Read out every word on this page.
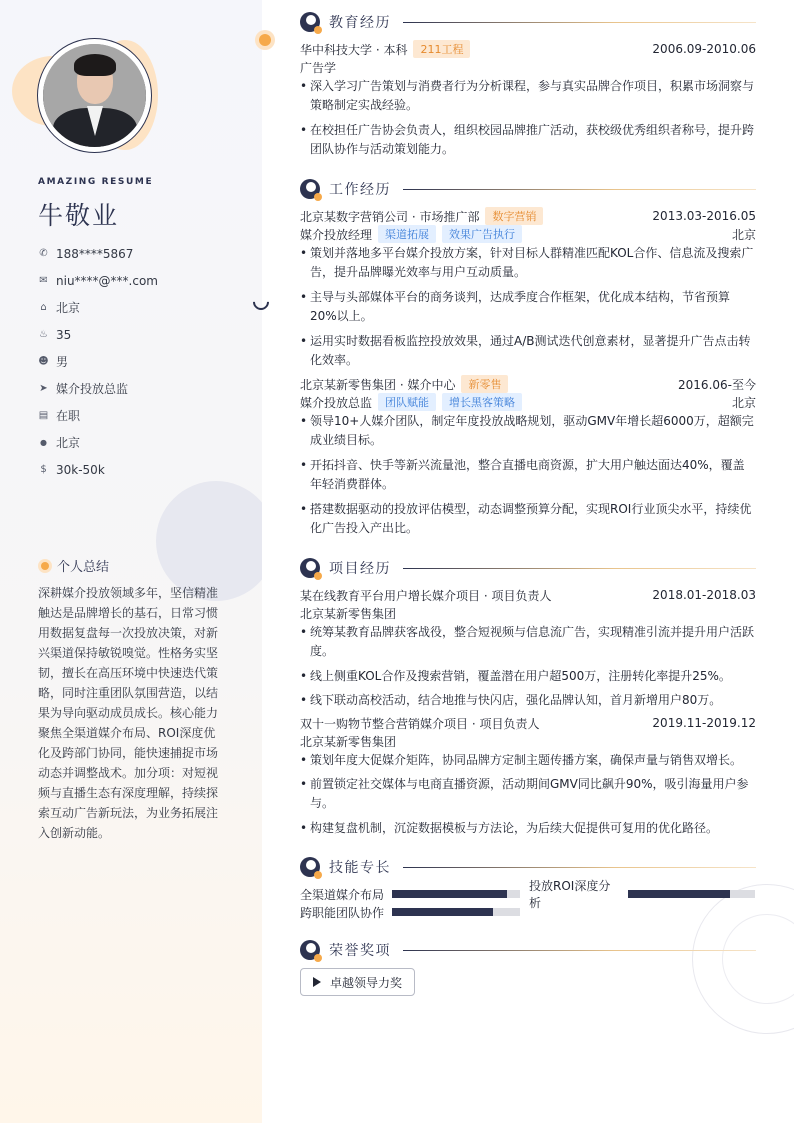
AMAZING RESUME
牛敬业
✆ 188****5867
✉ niu****@***.com
⌂ 北京
♨ 35
☻ 男
➤ 媒介投放总监
▤ 在职
● 北京
$ 30k-50k
个人总结
深耕媒介投放领域多年，坚信精准触达是品牌增长的基石，日常习惯用数据复盘每一次投放决策，对新兴渠道保持敏锐嗅觉。性格务实坚韧，擅长在高压环境中快速迭代策略，同时注重团队氛围营造，以结果为导向驱动成员成长。核心能力聚焦全渠道媒介布局、ROI深度优化及跨部门协同，能快速捕捉市场动态并调整战术。加分项：对短视频与直播生态有深度理解，持续探索互动广告新玩法，为业务拓展注入创新动能。
教育经历
华中科技大学 · 本科	211工程	2006.09-2010.06
广告学
• 深入学习广告策划与消费者行为分析课程，参与真实品牌合作项目，积累市场洞察与策略制定实战经验。
• 在校担任广告协会负责人，组织校园品牌推广活动，获校级优秀组织者称号，提升跨团队协作与活动策划能力。
工作经历
北京某数字营销公司 · 市场推广部	数字营销	2013.03-2016.05
媒介投放经理	渠道拓展	效果广告执行	北京
• 策划并落地多平台媒介投放方案，针对目标人群精准匹配KOL合作、信息流及搜索广告，提升品牌曝光效率与用户互动质量。
• 主导与头部媒体平台的商务谈判，达成季度合作框架，优化成本结构，节省预算20%以上。
• 运用实时数据看板监控投放效果，通过A/B测试迭代创意素材，显著提升广告点击转化效率。
北京某新零售集团 · 媒介中心	新零售	2016.06-至今
媒介投放总监	团队赋能	增长黑客策略	北京
• 领导10+人媒介团队，制定年度投放战略规划，驱动GMV年增长超6000万，超额完成业绩目标。
• 开拓抖音、快手等新兴流量池，整合直播电商资源，扩大用户触达面达40%，覆盖年轻消费群体。
• 搭建数据驱动的投放评估模型，动态调整预算分配，实现ROI行业顶尖水平，持续优化广告投入产出比。
项目经历
某在线教育平台用户增长媒介项目 · 项目负责人	2018.01-2018.03
北京某新零售集团
• 统筹某教育品牌获客战役，整合短视频与信息流广告，实现精准引流并提升用户活跃度。
• 线上侧重KOL合作及搜索营销，覆盖潜在用户超500万，注册转化率提升25%。
• 线下联动高校活动，结合地推与快闪店，强化品牌认知，首月新增用户80万。
双十一购物节整合营销媒介项目 · 项目负责人	2019.11-2019.12
北京某新零售集团
• 策划年度大促媒介矩阵，协同品牌方定制主题传播方案，确保声量与销售双增长。
• 前置锁定社交媒体与电商直播资源，活动期间GMV同比飙升90%，吸引海量用户参与。
• 构建复盘机制，沉淀数据模板与方法论，为后续大促提供可复用的优化路径。
技能专长
全渠道媒介布局
投放ROI深度分析
跨职能团队协作
荣誉奖项
卓越领导力奖
